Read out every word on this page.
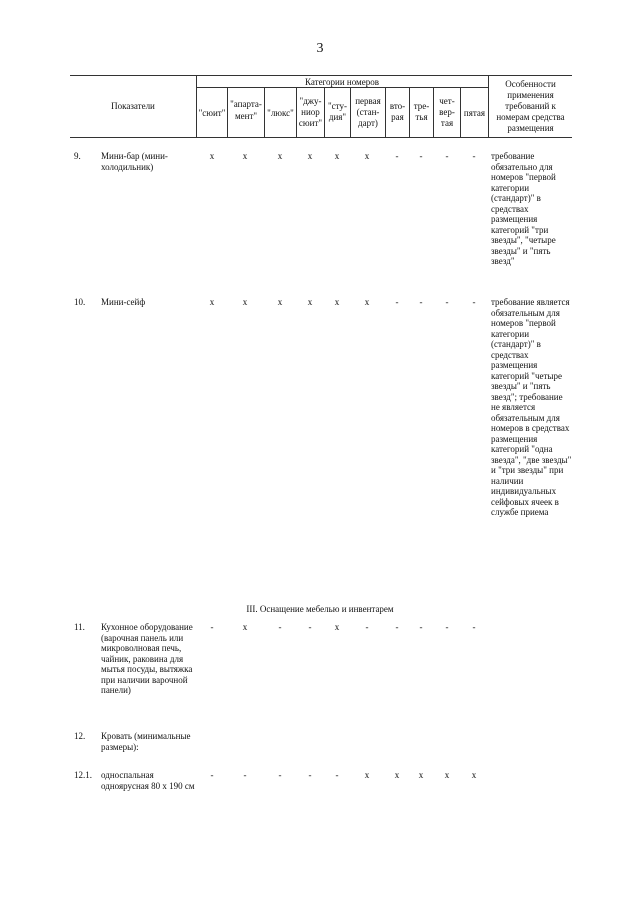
3
Показатели
Категории номеров	Особенности применения требований к номерам средства размещения
"сюит"
"апарта-мент"	"люкс"
"джу-ниор сюит"
"сту-дия"
первая (стан-дарт)
вто-рая
тре-тья
чет-вер-тая
пятая
9.	Мини-бар (мини-холодильник)
х	х	х	х	х	х	-	-	-	-	требование обязательно для номеров "первой категории (стандарт)" в средствах размещения категорий "три звезды", "четыре звезды" и "пять звезд"
10.	Мини-сейф	х	х	х	х	х	х	-	-	-	-	требование является обязательным для номеров "первой категории (стандарт)" в средствах размещения категорий "четыре звезды" и "пять звезд"; требование не является обязательным для номеров в средствах размещения категорий "одна звезда", "две звезды" и "три звезды" при наличии индивидуальных сейфовых ячеек в службе приема
III. Оснащение мебелью и инвентарем
11.	Кухонное оборудование (варочная панель или микроволновая печь, чайник, раковина для мытья посуды, вытяжка при наличии варочной панели)
-	х	-	-	х	-	-	-	-	-
12.	Кровать (минимальные размеры):
12.1.	односпальная одноярусная 80 х 190 см
-	-	-	-	-	х	х	х	х	х
